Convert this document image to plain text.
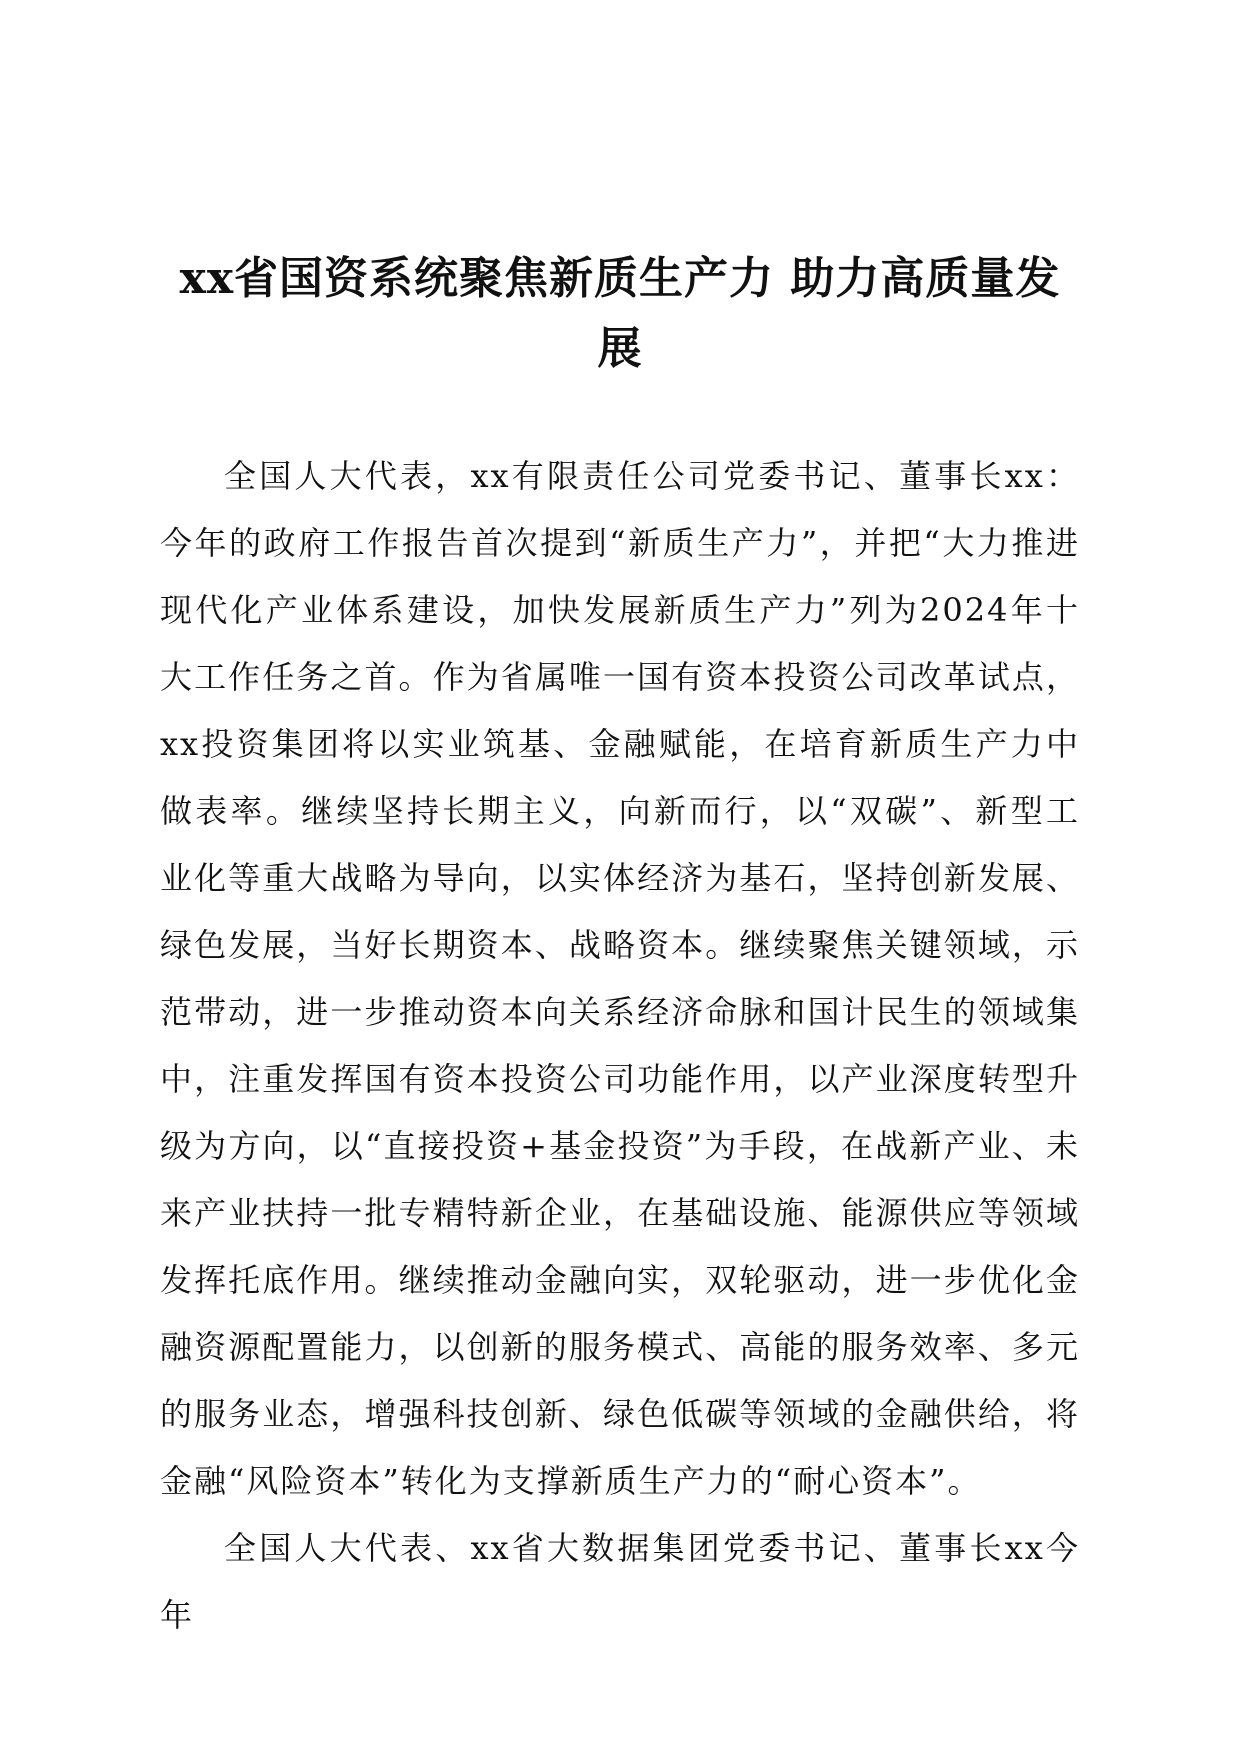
xx省国资系统聚焦新质生产力 助力高质量发展

全国人大代表，xx有限责任公司党委书记、董事长xx：今年的政府工作报告首次提到“新质生产力”，并把“大力推进现代化产业体系建设，加快发展新质生产力”列为2024年十大工作任务之首。作为省属唯一国有资本投资公司改革试点，xx投资集团将以实业筑基、金融赋能，在培育新质生产力中做表率。继续坚持长期主义，向新而行，以“双碳”、新型工业化等重大战略为导向，以实体经济为基石，坚持创新发展、绿色发展，当好长期资本、战略资本。继续聚焦关键领域，示范带动，进一步推动资本向关系经济命脉和国计民生的领域集中，注重发挥国有资本投资公司功能作用，以产业深度转型升级为方向，以“直接投资+基金投资”为手段，在战新产业、未来产业扶持一批专精特新企业，在基础设施、能源供应等领域发挥托底作用。继续推动金融向实，双轮驱动，进一步优化金融资源配置能力，以创新的服务模式、高能的服务效率、多元的服务业态，增强科技创新、绿色低碳等领域的金融供给，将金融“风险资本”转化为支撑新质生产力的“耐心资本”。

全国人大代表、xx省大数据集团党委书记、董事长xx今年
